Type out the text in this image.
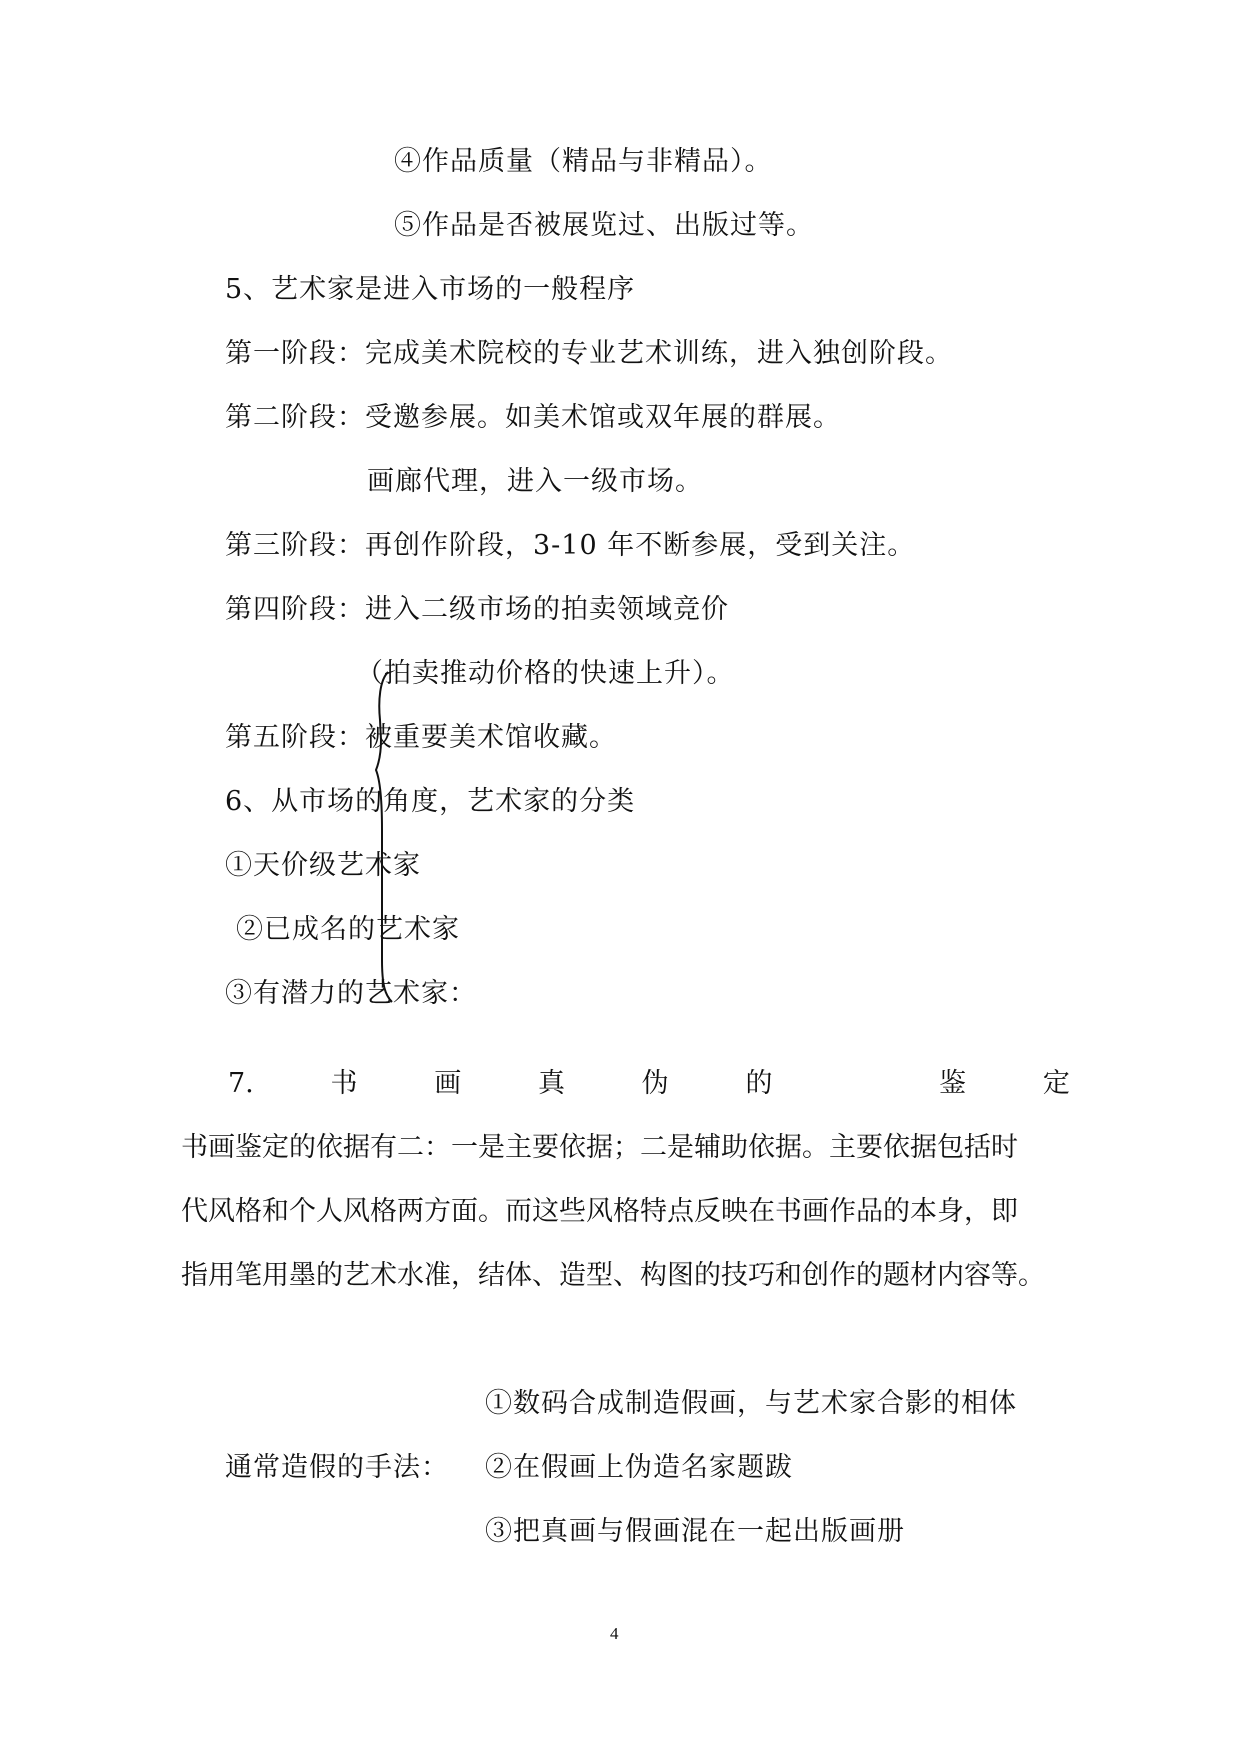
④作品质量（精品与非精品）。
⑤作品是否被展览过、出版过等。
5、艺术家是进入市场的一般程序
第一阶段：完成美术院校的专业艺术训练，进入独创阶段。
第二阶段：受邀参展。如美术馆或双年展的群展。
画廊代理，进入一级市场。
第三阶段：再创作阶段，3-10 年不断参展，受到关注。
第四阶段：进入二级市场的拍卖领域竞价
（拍卖推动价格的快速上升）。
第五阶段：被重要美术馆收藏。
6、从市场的角度，艺术家的分类
①天价级艺术家
②已成名的艺术家
③有潜力的艺术家：
7.	书	画	真	伪	的	鉴	定
书画鉴定的依据有二：一是主要依据；二是辅助依据。主要依据包括时
代风格和个人风格两方面。而这些风格特点反映在书画作品的本身，即
指用笔用墨的艺术水准，结体、造型、构图的技巧和创作的题材内容等。
①数码合成制造假画，与艺术家合影的相体
通常造假的手法： ②在假画上伪造名家题跋
③把真画与假画混在一起出版画册
4
